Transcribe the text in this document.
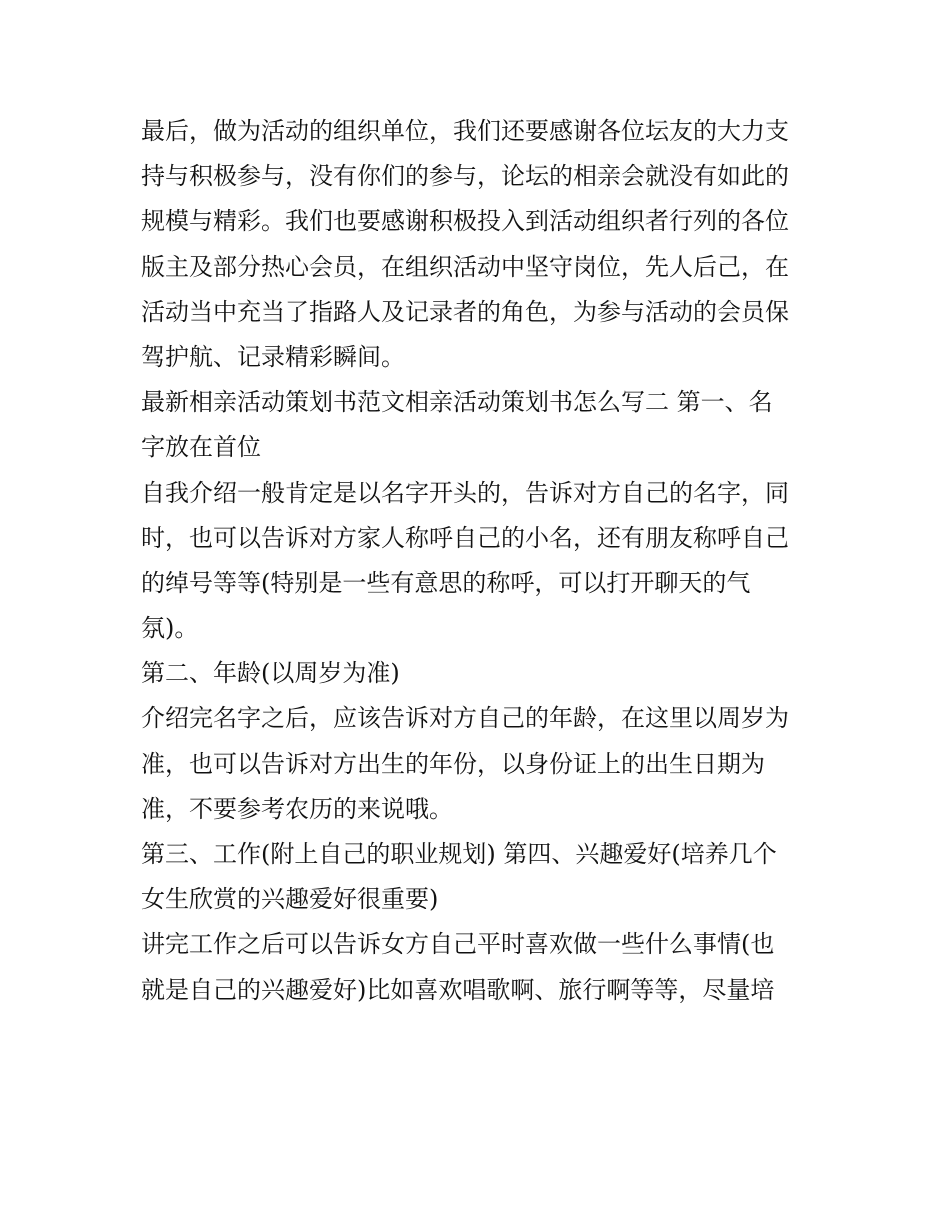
最后，做为活动的组织单位，我们还要感谢各位坛友的大力支
持与积极参与，没有你们的参与，论坛的相亲会就没有如此的
规模与精彩。我们也要感谢积极投入到活动组织者行列的各位
版主及部分热心会员，在组织活动中坚守岗位，先人后己，在
活动当中充当了指路人及记录者的角色，为参与活动的会员保
驾护航、记录精彩瞬间。
最新相亲活动策划书范文相亲活动策划书怎么写二 第一、名
字放在首位
自我介绍一般肯定是以名字开头的，告诉对方自己的名字，同
时，也可以告诉对方家人称呼自己的小名，还有朋友称呼自己
的绰号等等(特别是一些有意思的称呼，可以打开聊天的气
氛)。
第二、年龄(以周岁为准)
介绍完名字之后，应该告诉对方自己的年龄，在这里以周岁为
准，也可以告诉对方出生的年份，以身份证上的出生日期为
准，不要参考农历的来说哦。
第三、工作(附上自己的职业规划) 第四、兴趣爱好(培养几个
女生欣赏的兴趣爱好很重要)
讲完工作之后可以告诉女方自己平时喜欢做一些什么事情(也
就是自己的兴趣爱好)比如喜欢唱歌啊、旅行啊等等，尽量培
